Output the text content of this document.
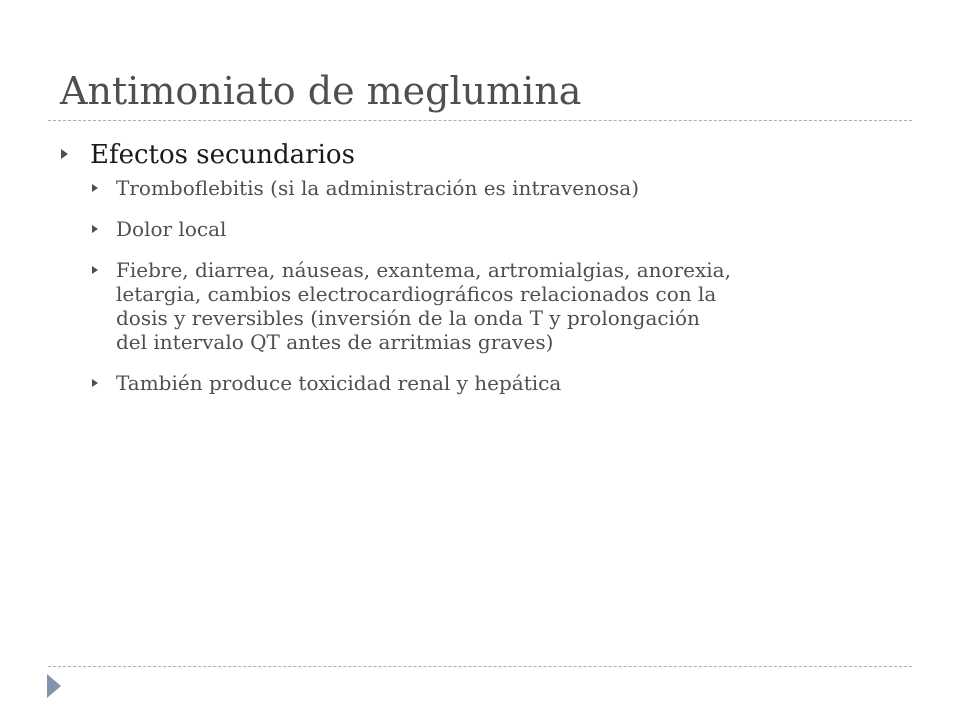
Antimoniato de meglumina
Efectos secundarios
Tromboflebitis (si la administración es intravenosa)
Dolor local
Fiebre, diarrea, náuseas, exantema, artromialgias, anorexia,
letargia, cambios electrocardiográficos relacionados con la
dosis y reversibles (inversión de la onda T y prolongación
del intervalo QT antes de arritmias graves)
También produce toxicidad renal y hepática
